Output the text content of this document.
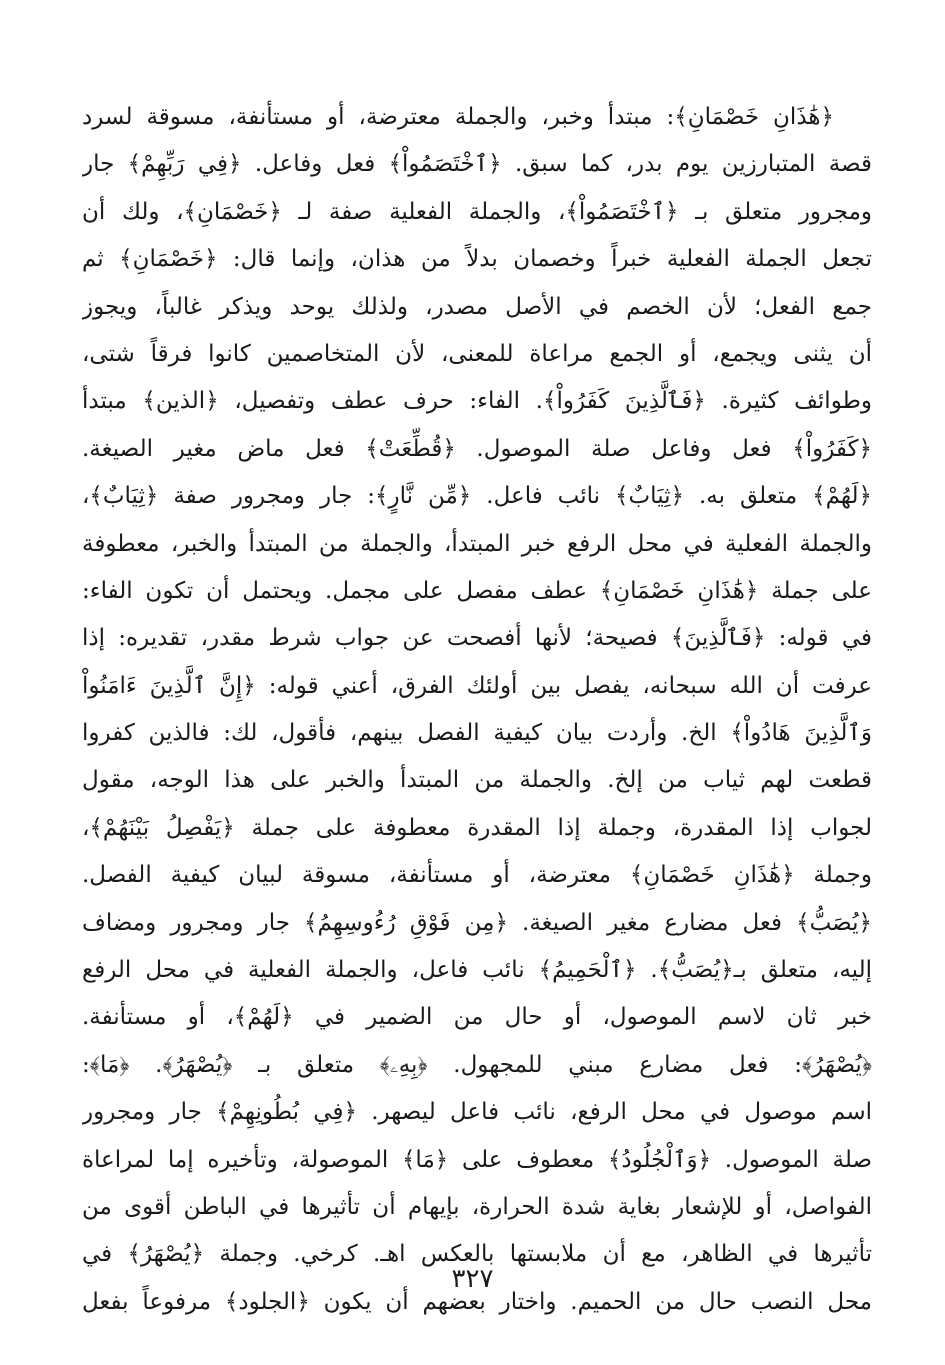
﴿هَٰذَانِ خَصْمَانِ﴾: مبتدأ وخبر، والجملة معترضة، أو مستأنفة، مسوقة لسرد
قصة المتبارزين يوم بدر، كما سبق. ﴿ٱخْتَصَمُواْ﴾ فعل وفاعل. ﴿فِي رَبِّهِمْ﴾ جار
ومجرور متعلق بـ ﴿ٱخْتَصَمُواْ﴾، والجملة الفعلية صفة لـ ﴿خَصْمَانِ﴾، ولك أن
تجعل الجملة الفعلية خبراً وخصمان بدلاً من هذان، وإنما قال: ﴿خَصْمَانِ﴾ ثم
جمع الفعل؛ لأن الخصم في الأصل مصدر، ولذلك يوحد ويذكر غالباً، ويجوز
أن يثنى ويجمع، أو الجمع مراعاة للمعنى، لأن المتخاصمين كانوا فرقاً شتى،
وطوائف كثيرة. ﴿فَٱلَّذِينَ كَفَرُواْ﴾. الفاء: حرف عطف وتفصيل، ﴿الذين﴾ مبتدأ
﴿كَفَرُواْ﴾ فعل وفاعل صلة الموصول. ﴿قُطِّعَتْ﴾ فعل ماض مغير الصيغة.
﴿لَهُمْ﴾ متعلق به. ﴿ثِيَابٌ﴾ نائب فاعل. ﴿مِّن نَّارٍ﴾: جار ومجرور صفة ﴿ثِيَابٌ﴾،
والجملة الفعلية في محل الرفع خبر المبتدأ، والجملة من المبتدأ والخبر، معطوفة
على جملة ﴿هَٰذَانِ خَصْمَانِ﴾ عطف مفصل على مجمل. ويحتمل أن تكون الفاء:
في قوله: ﴿فَٱلَّذِينَ﴾ فصيحة؛ لأنها أفصحت عن جواب شرط مقدر، تقديره: إذا
عرفت أن الله سبحانه، يفصل بين أولئك الفرق، أعني قوله: ﴿إِنَّ ٱلَّذِينَ ءَامَنُواْ
وَٱلَّذِينَ هَادُواْ﴾ الخ. وأردت بيان كيفية الفصل بينهم، فأقول، لك: فالذين كفروا
قطعت لهم ثياب من إلخ. والجملة من المبتدأ والخبر على هذا الوجه، مقول
لجواب إذا المقدرة، وجملة إذا المقدرة معطوفة على جملة ﴿يَفْصِلُ بَيْنَهُمْ﴾،
وجملة ﴿هَٰذَانِ خَصْمَانِ﴾ معترضة، أو مستأنفة، مسوقة لبيان كيفية الفصل.
﴿يُصَبُّ﴾ فعل مضارع مغير الصيغة. ﴿مِن فَوْقِ رُءُوسِهِمُ﴾ جار ومجرور ومضاف
إليه، متعلق بـ﴿يُصَبُّ﴾. ﴿ٱلْحَمِيمُ﴾ نائب فاعل، والجملة الفعلية في محل الرفع
خبر ثان لاسم الموصول، أو حال من الضمير في ﴿لَهُمْ﴾، أو مستأنفة.
﴿يُصْهَرُ﴾: فعل مضارع مبني للمجهول. ﴿بِهِۦ﴾ متعلق بـ ﴿يُصْهَرُ﴾. ﴿مَا﴾:
اسم موصول في محل الرفع، نائب فاعل ليصهر. ﴿فِي بُطُونِهِمْ﴾ جار ومجرور
صلة الموصول. ﴿وَٱلْجُلُودُ﴾ معطوف على ﴿مَا﴾ الموصولة، وتأخيره إما لمراعاة
الفواصل، أو للإشعار بغاية شدة الحرارة، بإيهام أن تأثيرها في الباطن أقوى من
تأثيرها في الظاهر، مع أن ملابستها بالعكس اهـ. كرخي. وجملة ﴿يُصْهَرُ﴾ في
محل النصب حال من الحميم. واختار بعضهم أن يكون ﴿الجلود﴾ مرفوعاً بفعل
٣٢٧
